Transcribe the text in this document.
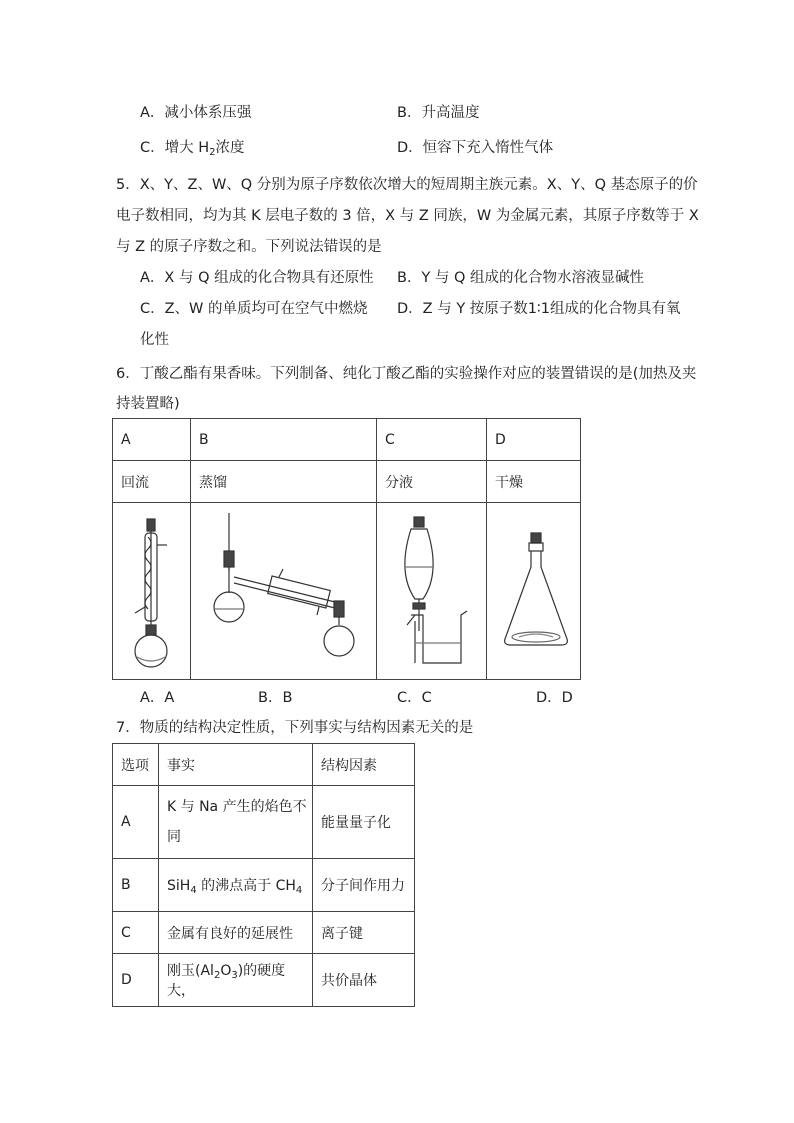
A．减小体系压强	B．升高温度
C．增大 $H_2$浓度	D．恒容下充入惰性气体
5．X、Y、Z、W、Q 分别为原子序数依次增大的短周期主族元素。X、Y、Q 基态原子的价
电子数相同，均为其 K 层电子数的 3 倍，X 与 Z 同族，W 为金属元素，其原子序数等于 X
与 Z 的原子序数之和。下列说法错误的是
A．X 与 Q 组成的化合物具有还原性 B．Y 与 Q 组成的化合物水溶液显碱性
C．Z、W 的单质均可在空气中燃烧 D．Z 与 Y 按原子数1∶1组成的化合物具有氧
化性
6．丁酸乙酯有果香味。下列制备、纯化丁酸乙酯的实验操作对应的装置错误的是(加热及夹
持装置略)
A	B	C	D
回流	蒸馏	分液	干燥

A．A	B．B	C．C	D．D
7．物质的结构决定性质，下列事实与结构因素无关的是
选项	事实	结构因素
A	K 与 Na 产生的焰色不
同	能量量子化
B	SiH$_4$ 的沸点高于 $CH_4$	分子间作用力
C	金属有良好的延展性	离子键
D	刚玉$(Al_2O_3)$的硬度大，	共价晶体
